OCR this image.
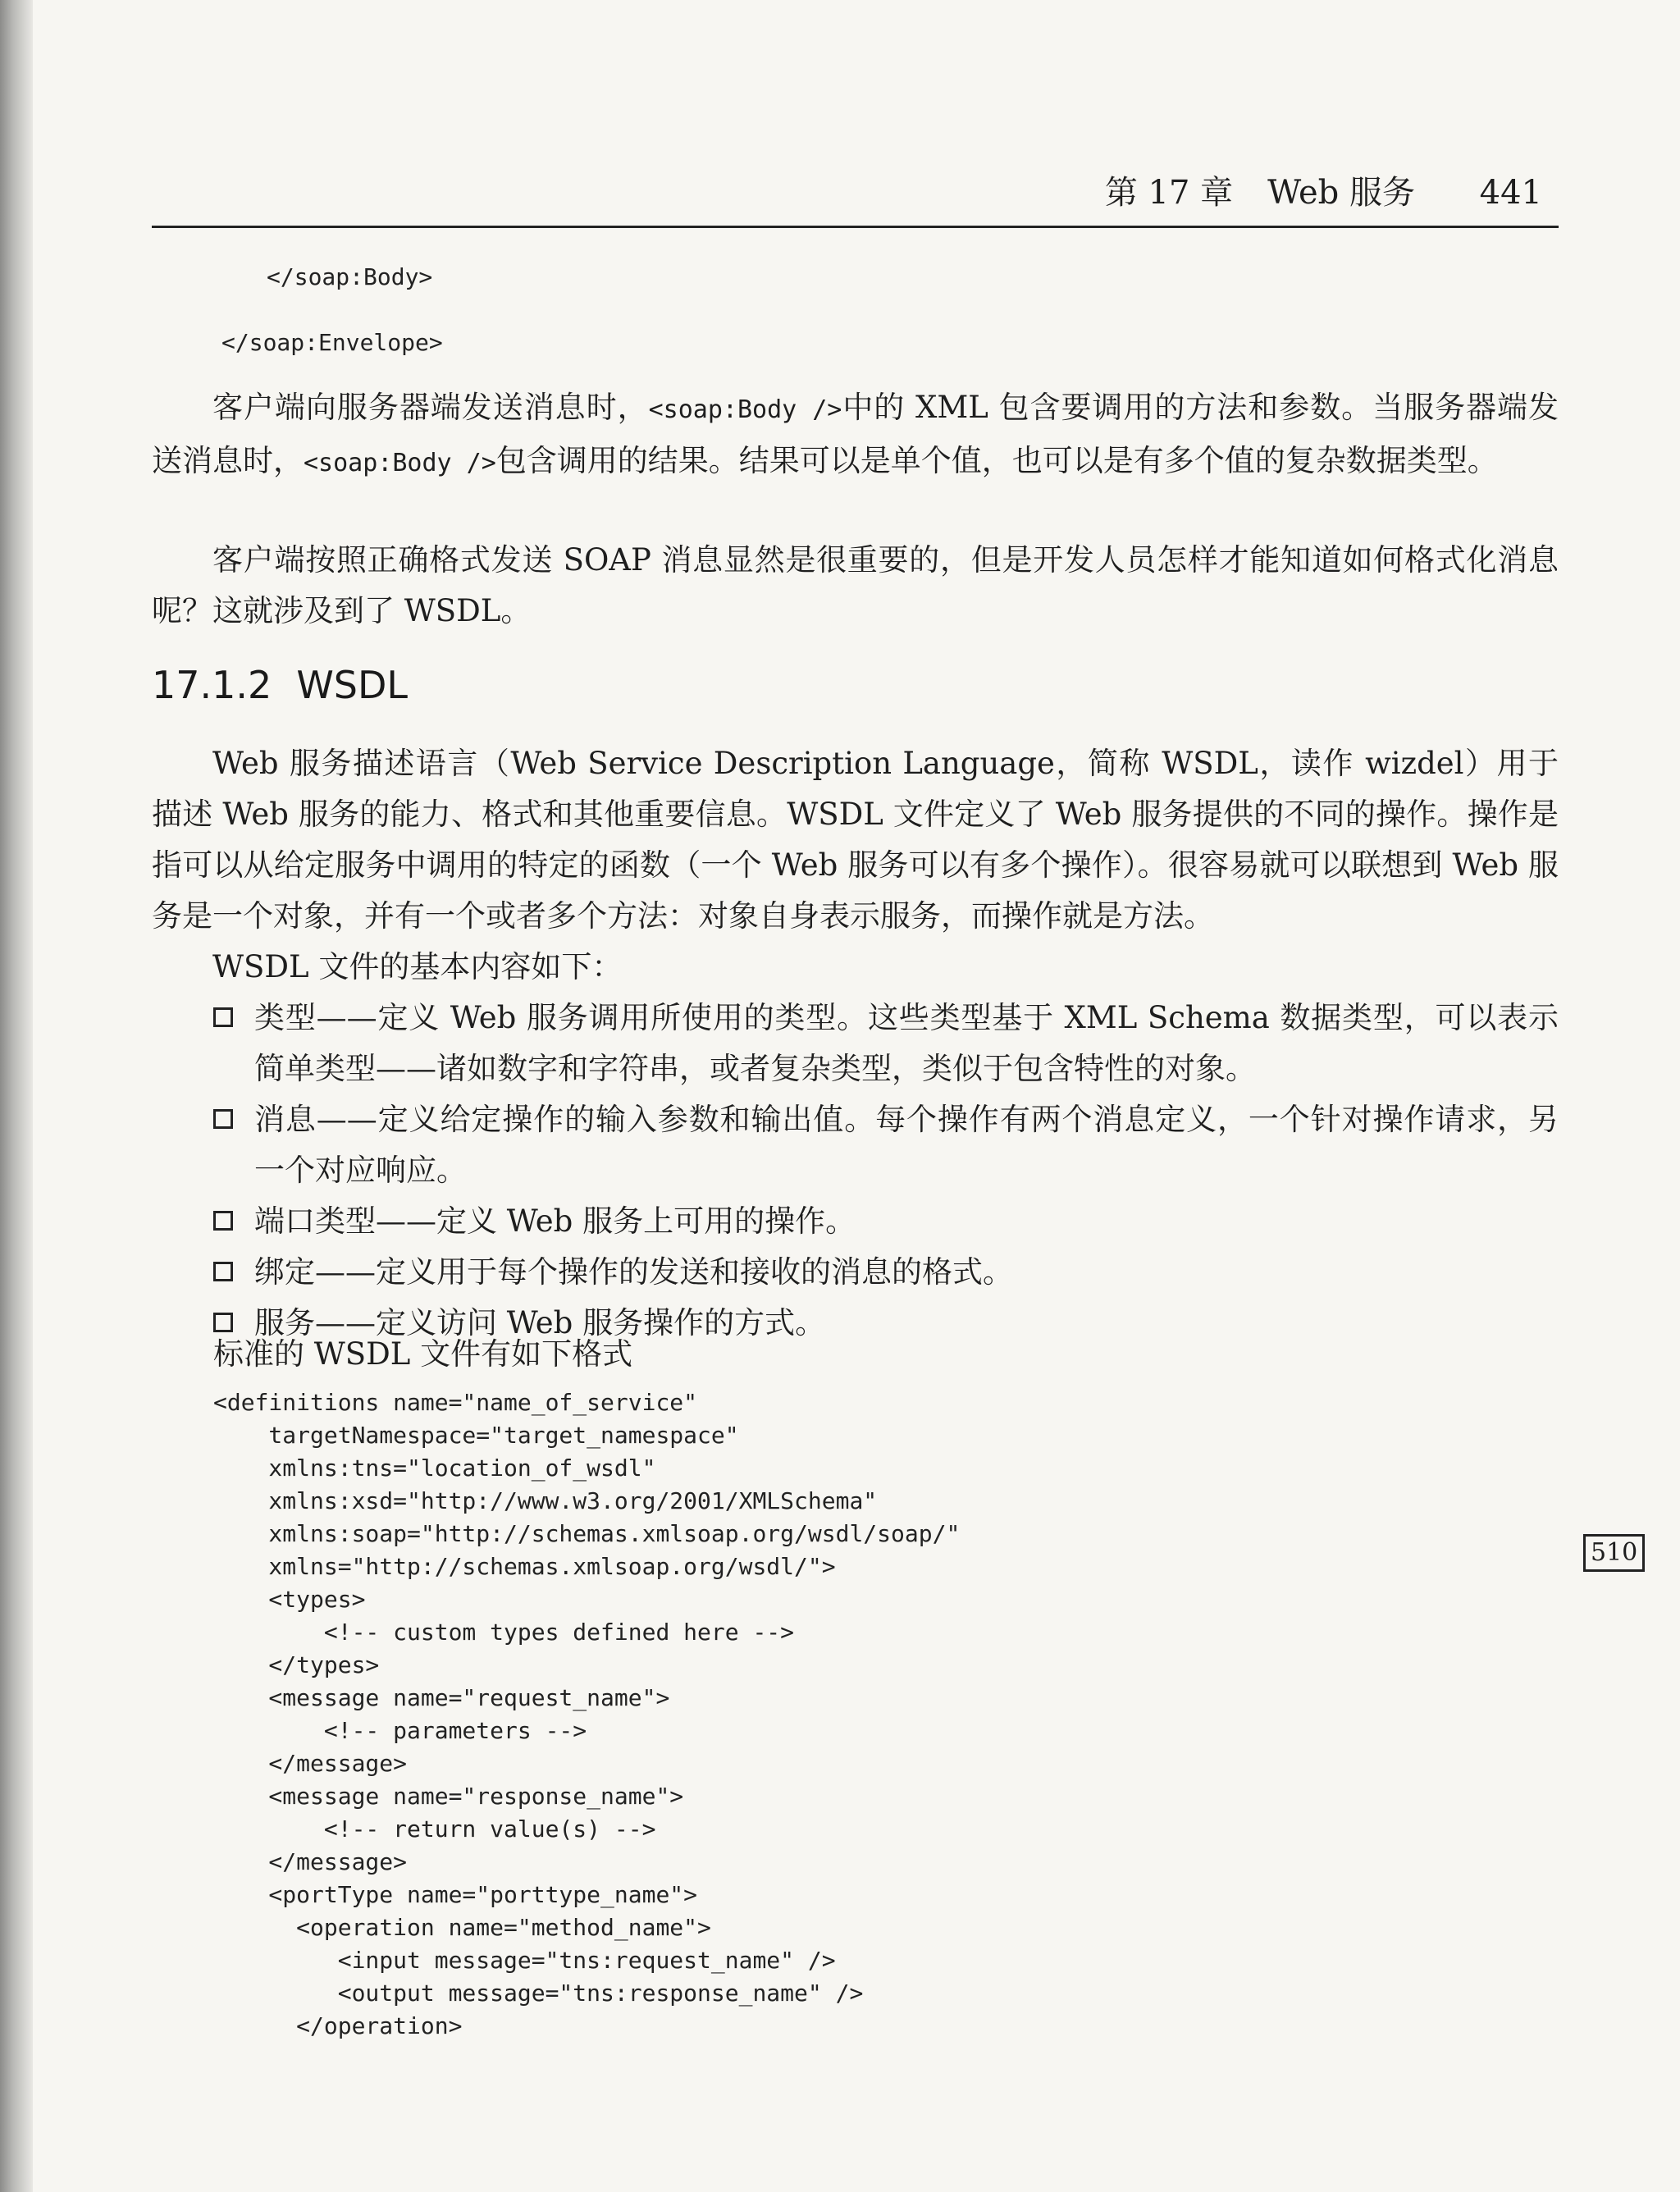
第 17 章 Web 服务 441
</soap:Body>
</soap:Envelope>
客户端向服务器端发送消息时，<soap:Body />中的 XML 包含要调用的方法和参数。当服务器端发送消息时，<soap:Body />包含调用的结果。结果可以是单个值，也可以是有多个值的复杂数据类型。
客户端按照正确格式发送 SOAP 消息显然是很重要的，但是开发人员怎样才能知道如何格式化消息呢？这就涉及到了 WSDL。
17.1.2 WSDL
Web 服务描述语言（Web Service Description Language，简称 WSDL，读作 wizdel）用于描述 Web 服务的能力、格式和其他重要信息。WSDL 文件定义了 Web 服务提供的不同的操作。操作是指可以从给定服务中调用的特定的函数（一个 Web 服务可以有多个操作）。很容易就可以联想到 Web 服务是一个对象，并有一个或者多个方法：对象自身表示服务，而操作就是方法。
WSDL 文件的基本内容如下：
类型——定义 Web 服务调用所使用的类型。这些类型基于 XML Schema 数据类型，可以表示简单类型——诸如数字和字符串，或者复杂类型，类似于包含特性的对象。
消息——定义给定操作的输入参数和输出值。每个操作有两个消息定义，一个针对操作请求，另一个对应响应。
端口类型——定义 Web 服务上可用的操作。
绑定——定义用于每个操作的发送和接收的消息的格式。
服务——定义访问 Web 服务操作的方式。
标准的 WSDL 文件有如下格式
510
<definitions name="name_of_service"
targetNamespace="target_namespace"
xmlns:tns="location_of_wsdl"
xmlns:xsd="http://www.w3.org/2001/XMLSchema"
xmlns:soap="http://schemas.xmlsoap.org/wsdl/soap/"
xmlns="http://schemas.xmlsoap.org/wsdl/">
<types>
<!-- custom types defined here -->
</types>
<message name="request_name">
<!-- parameters -->
</message>
<message name="response_name">
<!-- return value(s) -->
</message>
<portType name="porttype_name">
<operation name="method_name">
<input message="tns:request_name" />
<output message="tns:response_name" />
</operation>
